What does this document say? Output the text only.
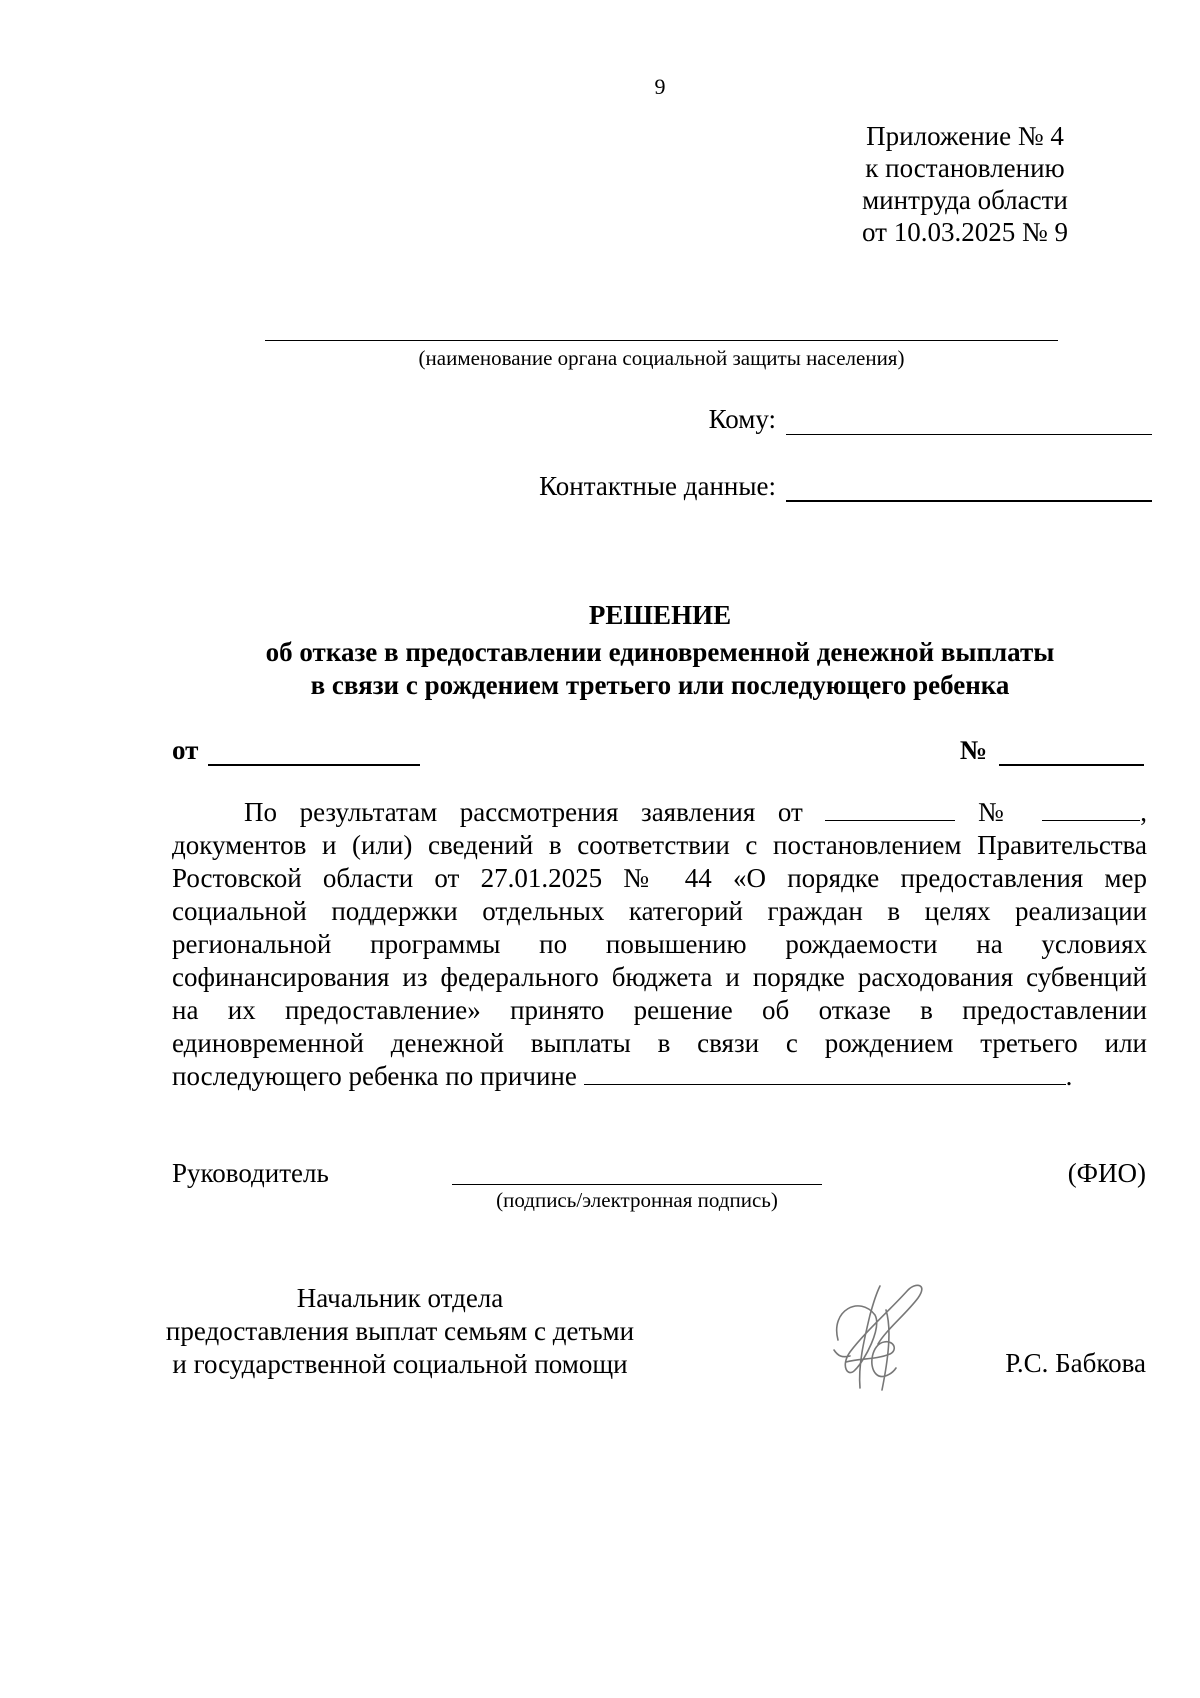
9
Приложение № 4
к постановлению
минтруда области
от 10.03.2025 № 9
(наименование органа социальной защиты населения)
Кому:
Контактные данные:
РЕШЕНИЕ
об отказе в предоставлении единовременной денежной выплаты
в связи с рождением третьего или последующего ребенка
от	№
По результатам рассмотрения заявления от	№	,
документов и (или) сведений в соответствии с постановлением Правительства
Ростовской области от 27.01.2025 № 44 «О порядке предоставления мер
социальной поддержки отдельных категорий граждан в целях реализации
региональной программы по повышению рождаемости на условиях
софинансирования из федерального бюджета и порядке расходования субвенций
на их предоставление» принято решение об отказе в предоставлении
единовременной денежной выплаты в связи с рождением третьего или
последующего ребенка по причине	.
Руководитель
(подпись/электронная подпись)
(ФИО)
Начальник отдела
предоставления выплат семьям с детьми
и государственной социальной помощи	Р.С. Бабкова
